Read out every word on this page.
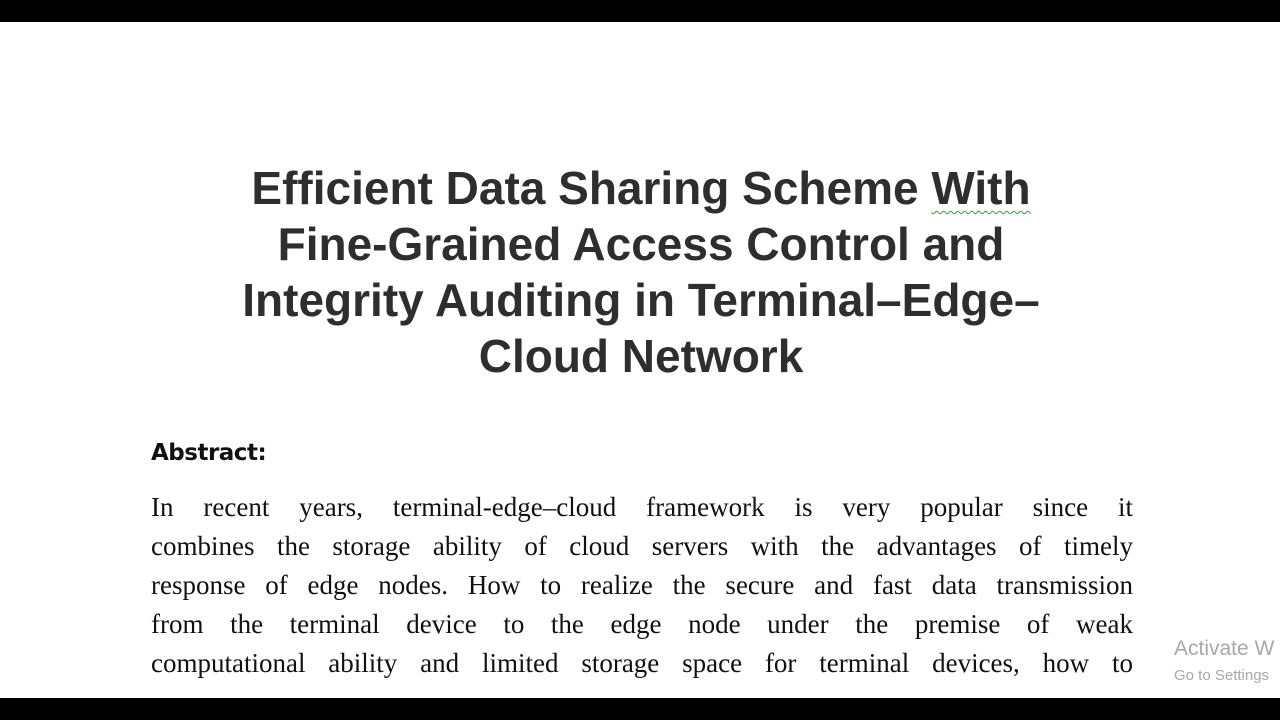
Efficient Data Sharing Scheme With
Fine-Grained Access Control and
Integrity Auditing in Terminal–Edge–
Cloud Network
Abstract:
In recent years, terminal-edge–cloud framework is very popular since it
combines the storage ability of cloud servers with the advantages of timely
response of edge nodes. How to realize the secure and fast data transmission
from the terminal device to the edge node under the premise of weak
computational ability and limited storage space for terminal devices, how to Activate W
Go to Settings
